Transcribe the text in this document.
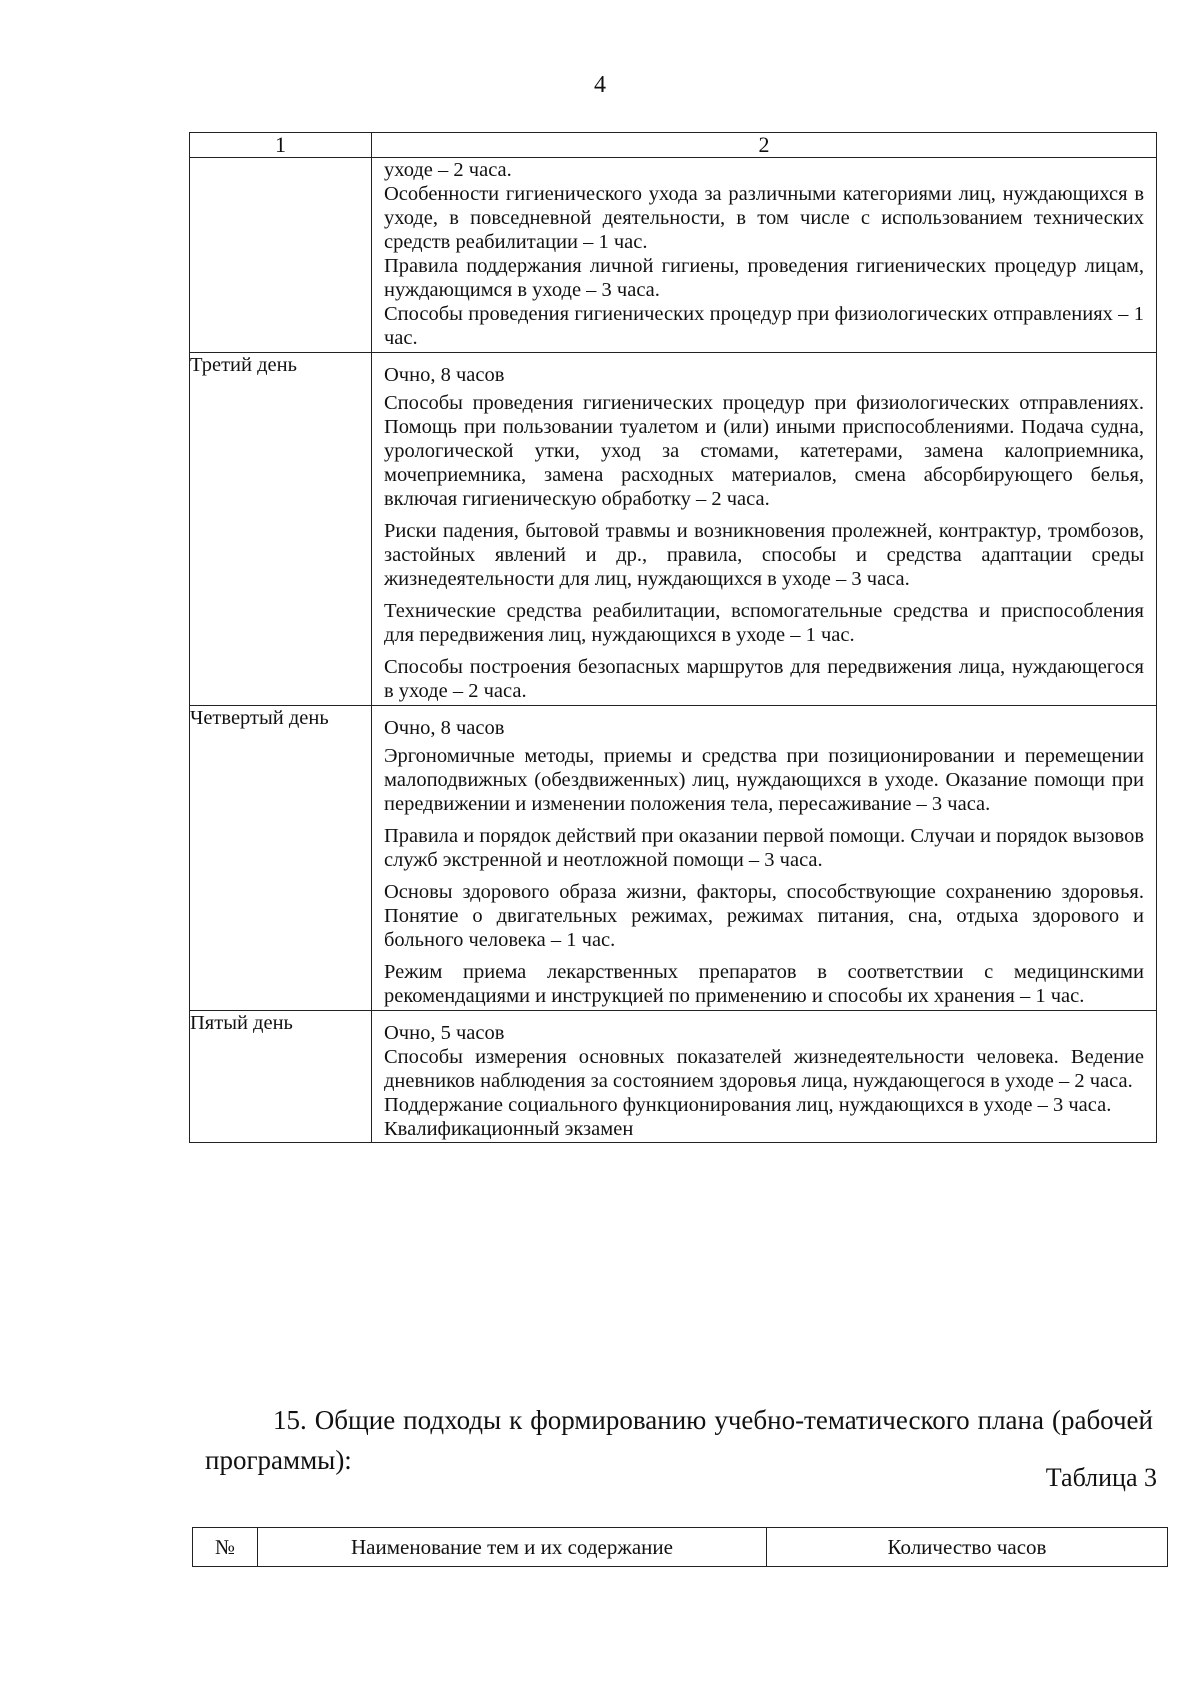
4
1	2

	уходе – 2 часа.

Особенности гигиенического ухода за различными категориями лиц, нуждающихся в уходе, в повседневной деятельности, в том числе с использованием технических средств реабилитации – 1 час.

Правила поддержания личной гигиены, проведения гигиенических процедур лицам, нуждающимся в уходе – 3 часа.

Способы проведения гигиенических процедур при физиологических отправлениях – 1 час.

Третий день	Очно, 8 часов

Способы проведения гигиенических процедур при физиологических отправлениях. Помощь при пользовании туалетом и (или) иными приспособлениями. Подача судна, урологической утки, уход за стомами, катетерами, замена калоприемника, мочеприемника, замена расходных материалов, смена абсорбирующего белья, включая гигиеническую обработку – 2 часа.

Риски падения, бытовой травмы и возникновения пролежней, контрактур, тромбозов, застойных явлений и др., правила, способы и средства адаптации среды жизнедеятельности для лиц, нуждающихся в уходе – 3 часа.

Технические средства реабилитации, вспомогательные средства и приспособления для передвижения лиц, нуждающихся в уходе – 1 час.

Способы построения безопасных маршрутов для передвижения лица, нуждающегося в уходе – 2 часа.

Четвертый день	Очно, 8 часов

Эргономичные методы, приемы и средства при позиционировании и перемещении малоподвижных (обездвиженных) лиц, нуждающихся в уходе. Оказание помощи при передвижении и изменении положения тела, пересаживание – 3 часа.

Правила и порядок действий при оказании первой помощи. Случаи и порядок вызовов служб экстренной и неотложной помощи – 3 часа.

Основы здорового образа жизни, факторы, способствующие сохранению здоровья. Понятие о двигательных режимах, режимах питания, сна, отдыха здорового и больного человека – 1 час.

Режим приема лекарственных препаратов в соответствии с медицинскими рекомендациями и инструкцией по применению и способы их хранения – 1 час.

Пятый день	Очно, 5 часов

Способы измерения основных показателей жизнедеятельности человека. Ведение дневников наблюдения за состоянием здоровья лица, нуждающегося в уходе – 2 часа.

Поддержание социального функционирования лиц, нуждающихся в уходе – 3 часа.

Квалификационный экзамен

15. Общие подходы к формированию учебно-тематического плана (рабочей программы):
Таблица 3
№	Наименование тем и их содержание	Количество часов
